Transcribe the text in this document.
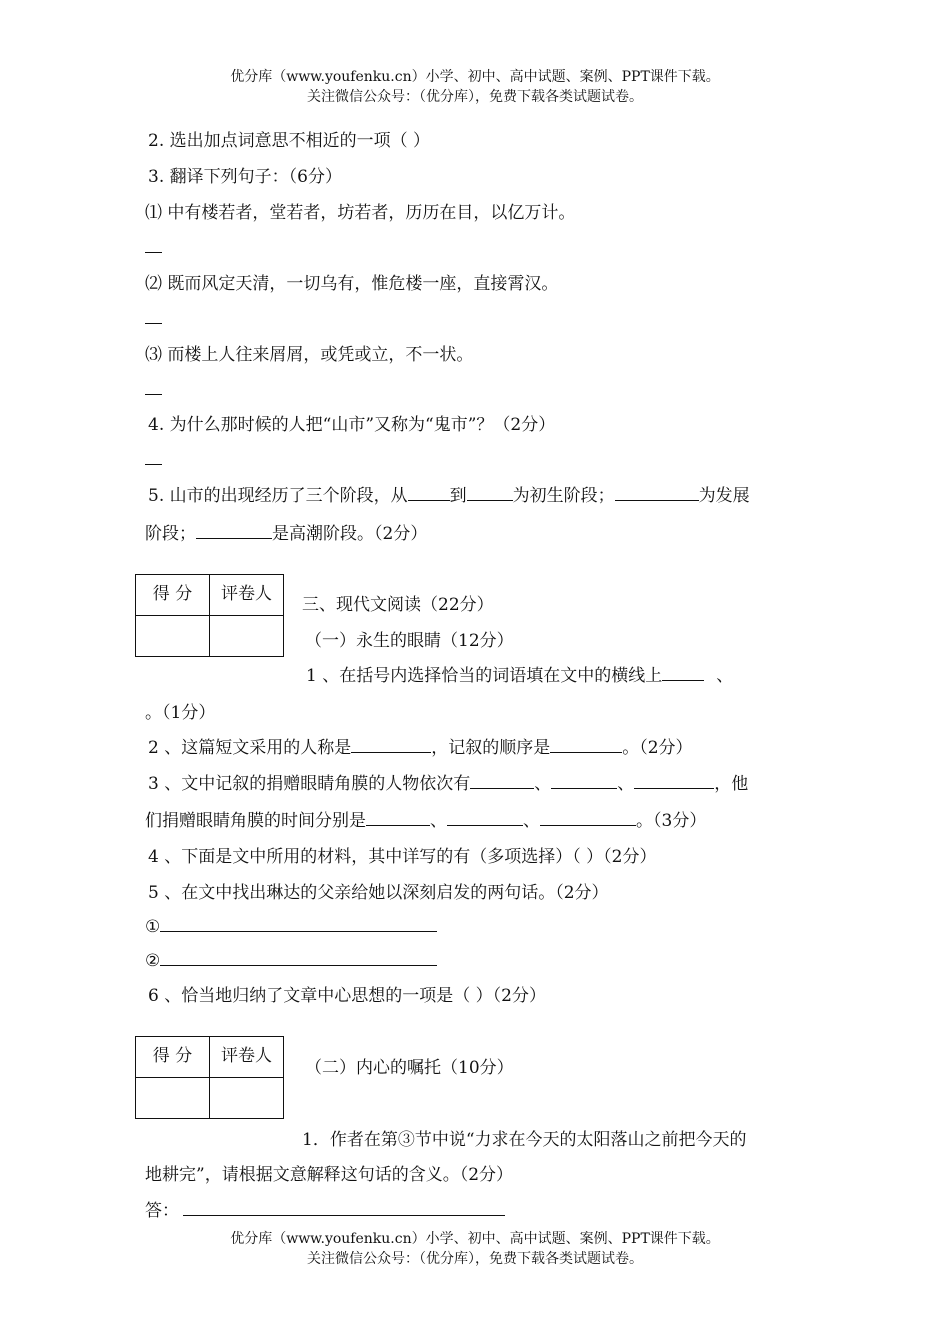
优分库（www.youfenku.cn）小学、初中、高中试题、案例、PPT课件下载。
关注微信公众号：（优分库），免费下载各类试题试卷。
2. 选出加点词意思不相近的一项（ ）
3. 翻译下列句子：（6分）
⑴ 中有楼若者，堂若者，坊若者，历历在目，以亿万计。
⑵ 既而风定天清，一切乌有，惟危楼一座，直接霄汉。
⑶ 而楼上人往来屑屑，或凭或立，不一状。
4. 为什么那时候的人把“山市”又称为“鬼市”？（2分）
5. 山市的出现经历了三个阶段，从 到	为初生阶段；	为发展
阶段；	是高潮阶段。（2分）
得 分	评卷人

三、现代文阅读（22分）
（一）永生的眼睛（12分）
1 、在括号内选择恰当的词语填在文中的横线上	、
。（1分）
2 、这篇短文采用的人称是	，记叙的顺序是	。（2分）
3 、文中记叙的捐赠眼睛角膜的人物依次有	、	、	，他
们捐赠眼睛角膜的时间分别是	、	、	。（3分）
4 、下面是文中所用的材料，其中详写的有（多项选择）（ ）（2分）
5 、在文中找出琳达的父亲给她以深刻启发的两句话。（2分）
①
②
6 、恰当地归纳了文章中心思想的一项是（ ）（2分）
得 分	评卷人

（二）内心的嘱托（10分）
1．作者在第③节中说“力求在今天的太阳落山之前把今天的
地耕完”，请根据文意解释这句话的含义。（2分）
答：
优分库（www.youfenku.cn）小学、初中、高中试题、案例、PPT课件下载。
关注微信公众号：（优分库），免费下载各类试题试卷。
